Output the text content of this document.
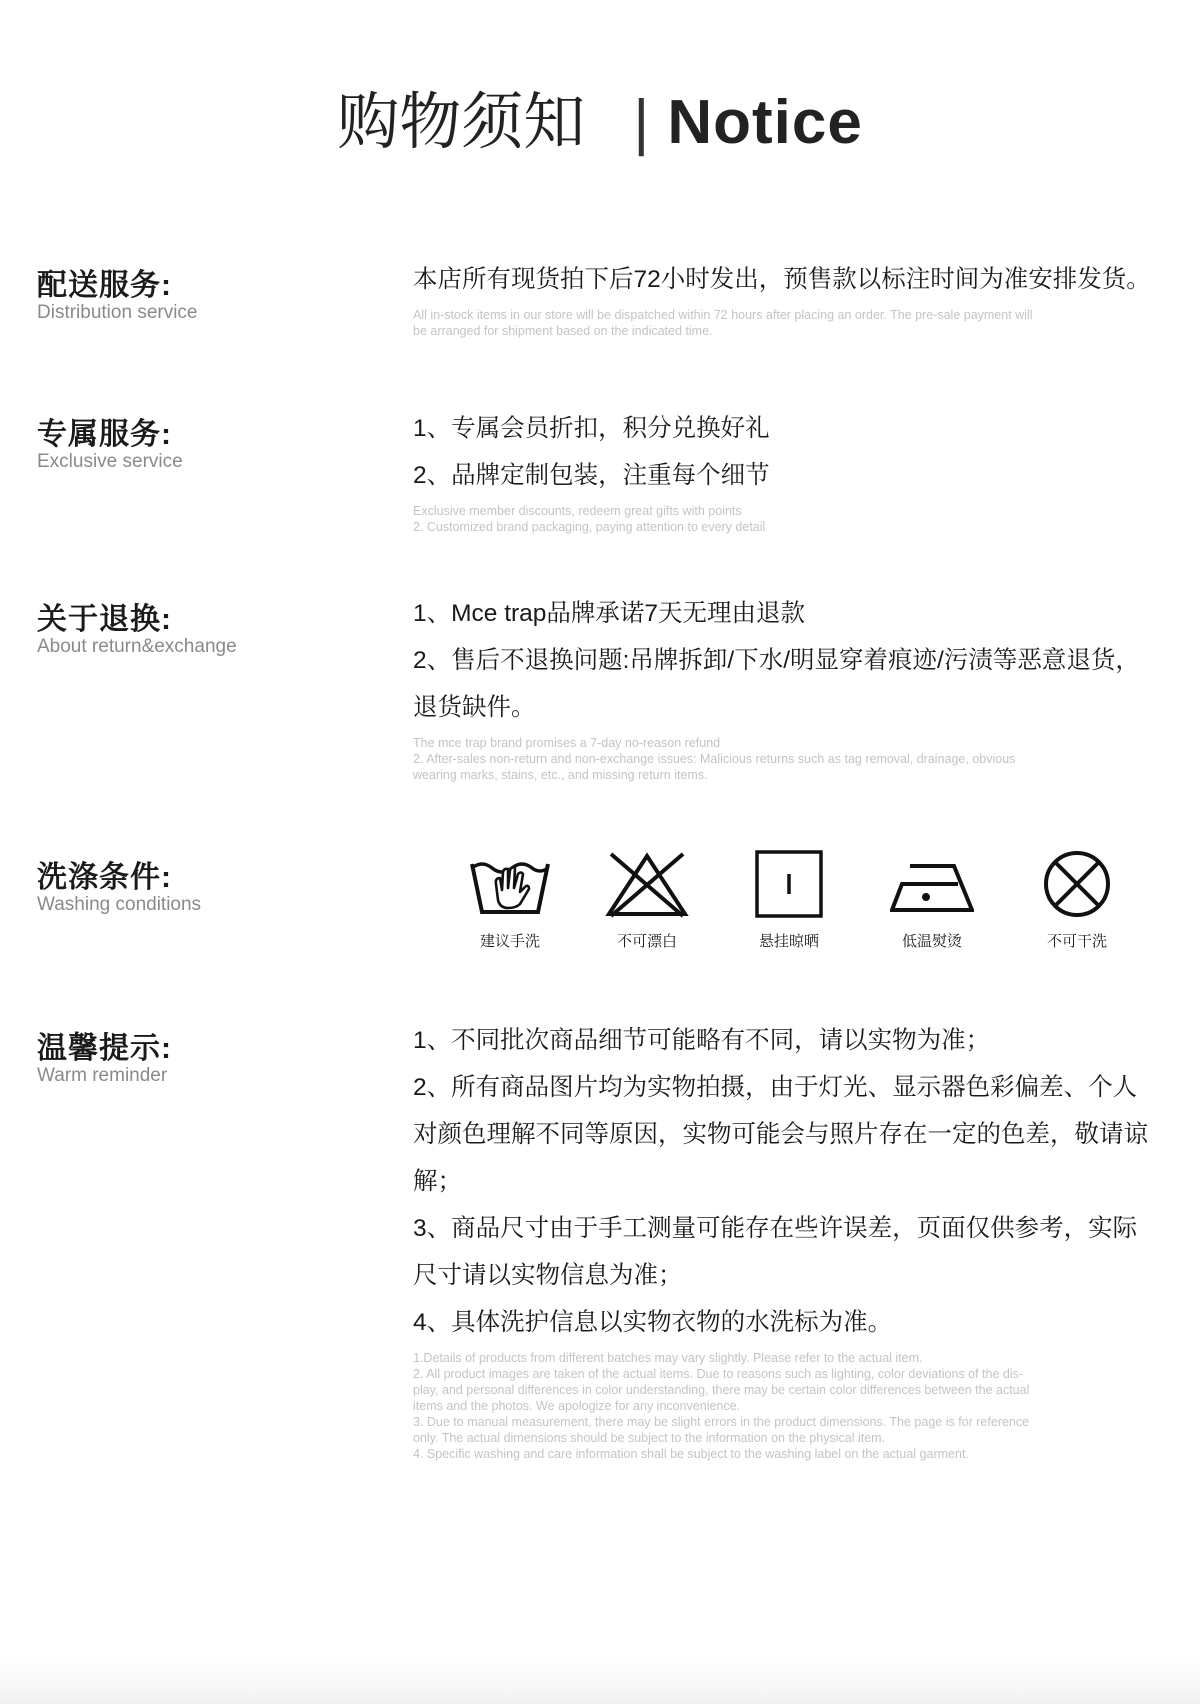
购物须知 | Notice
配送服务:
Distribution service
本店所有现货拍下后72小时发出，预售款以标注时间为准安排发货。
All in-stock items in our store will be dispatched within 72 hours after placing an order. The pre-sale payment will
be arranged for shipment based on the indicated time.
专属服务:
Exclusive service
1、专属会员折扣，积分兑换好礼
2、品牌定制包装，注重每个细节
Exclusive member discounts, redeem great gifts with points
2. Customized brand packaging, paying attention to every detail
关于退换:
About return&exchange
1、Mce trap品牌承诺7天无理由退款
2、售后不退换问题:吊牌拆卸/下水/明显穿着痕迹/污渍等恶意退货，
退货缺件。
The mce trap brand promises a 7-day no-reason refund
2. After-sales non-return and non-exchange issues: Malicious returns such as tag removal, drainage, obvious
wearing marks, stains, etc., and missing return items.
洗涤条件:
Washing conditions
建议手洗	不可漂白	悬挂晾晒	低温熨烫	不可干洗
温馨提示:
Warm reminder
1、不同批次商品细节可能略有不同，请以实物为准；
2、所有商品图片均为实物拍摄，由于灯光、显示器色彩偏差、个人
对颜色理解不同等原因，实物可能会与照片存在一定的色差，敬请谅
解；
3、商品尺寸由于手工测量可能存在些许误差，页面仅供参考，实际
尺寸请以实物信息为准；
4、具体洗护信息以实物衣物的水洗标为准。
1.Details of products from different batches may vary slightly. Please refer to the actual item.
2. All product images are taken of the actual items. Due to reasons such as lighting, color deviations of the dis-
play, and personal differences in color understanding, there may be certain color differences between the actual
items and the photos. We apologize for any inconvenience.
3. Due to manual measurement, there may be slight errors in the product dimensions. The page is for reference
only. The actual dimensions should be subject to the information on the physical item.
4. Specific washing and care information shall be subject to the washing label on the actual garment.
